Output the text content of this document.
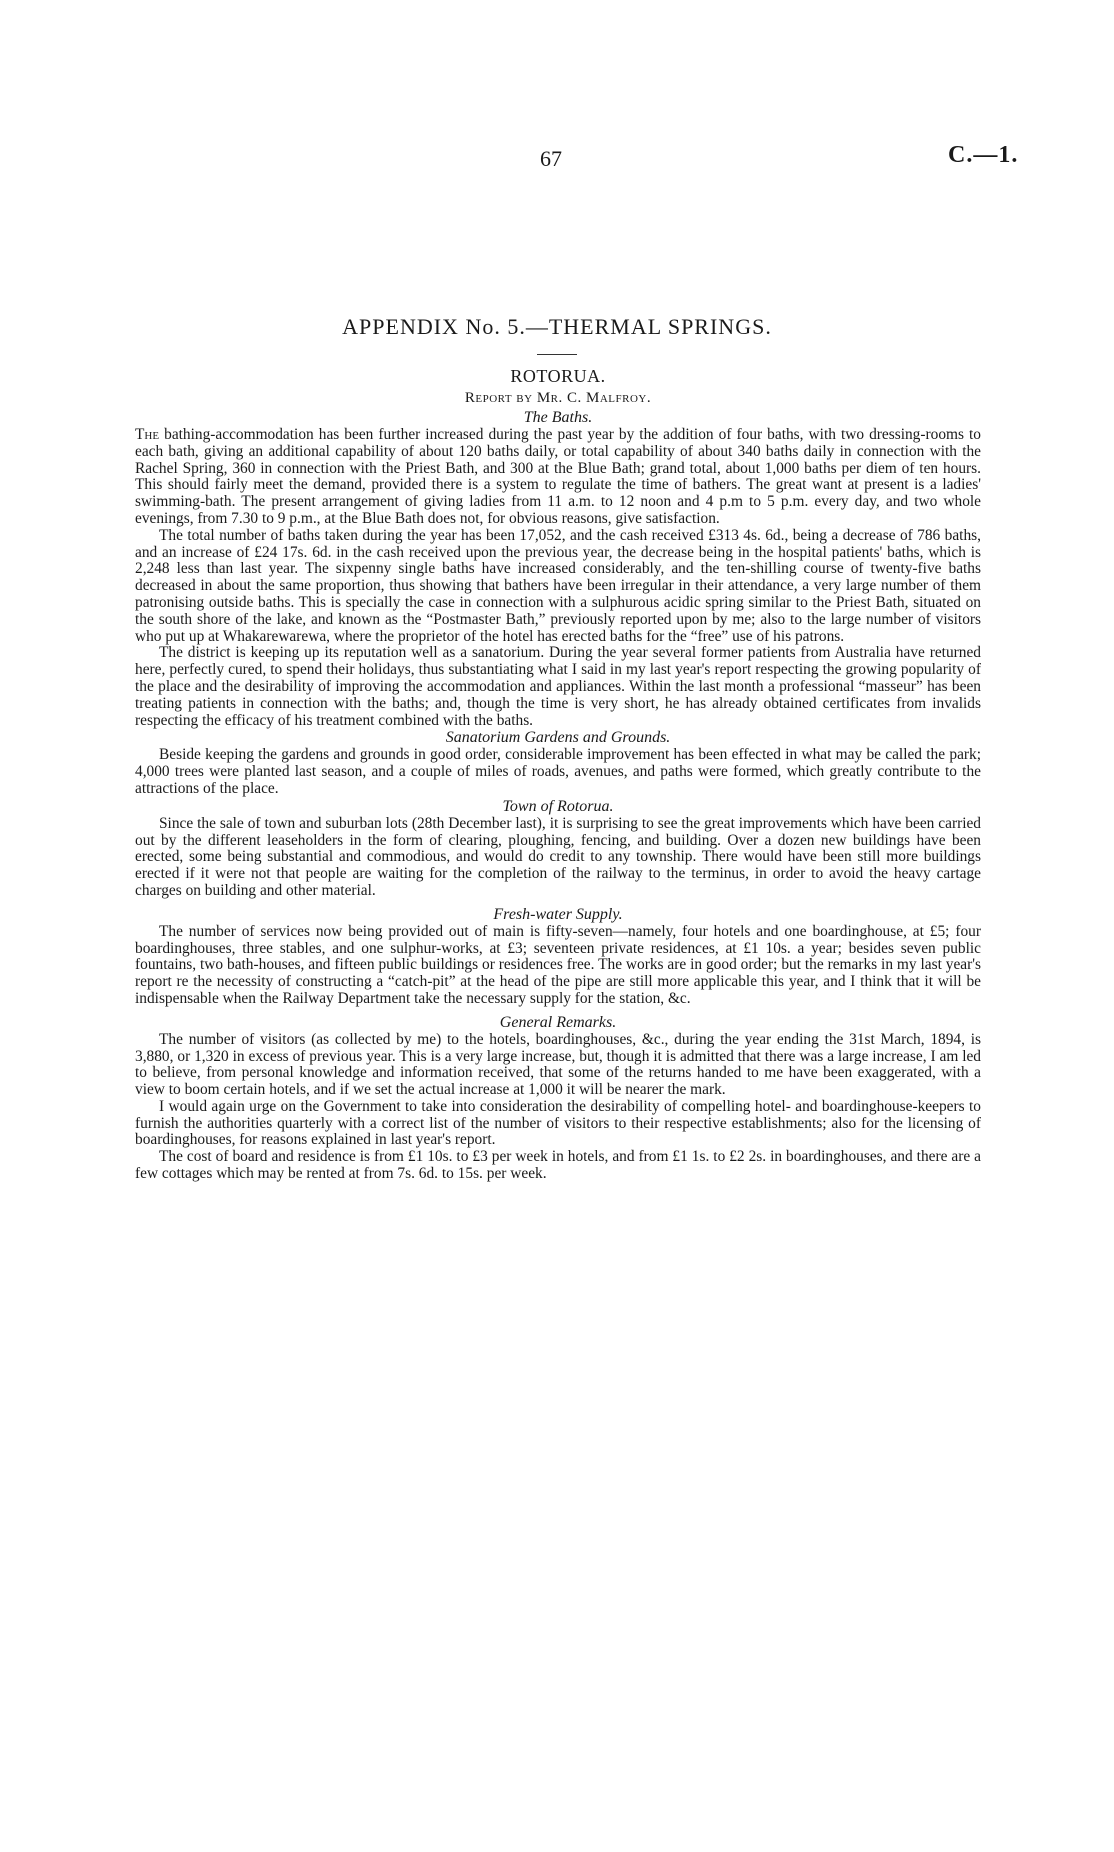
67	C.—1.
APPENDIX No. 5.—THERMAL SPRINGS.
ROTORUA.
Report by Mr. C. Malfroy.
The Baths.

The bathing-accommodation has been further increased during the past year by the addition of four baths, with two dressing-rooms to each bath, giving an additional capability of about 120 baths daily, or total capability of about 340 baths daily in connection with the Rachel Spring, 360 in connection with the Priest Bath, and 300 at the Blue Bath; grand total, about 1,000 baths per diem of ten hours. This should fairly meet the demand, provided there is a system to regulate the time of bathers. The great want at present is a ladies' swimming-bath. The present arrangement of giving ladies from 11 a.m. to 12 noon and 4 p.m to 5 p.m. every day, and two whole evenings, from 7.30 to 9 p.m., at the Blue Bath does not, for obvious reasons, give satisfaction.

The total number of baths taken during the year has been 17,052, and the cash received £313 4s. 6d., being a decrease of 786 baths, and an increase of £24 17s. 6d. in the cash received upon the previous year, the decrease being in the hospital patients' baths, which is 2,248 less than last year. The sixpenny single baths have increased considerably, and the ten-shilling course of twenty-five baths decreased in about the same proportion, thus showing that bathers have been irregular in their attendance, a very large number of them patronising outside baths. This is specially the case in connection with a sulphurous acidic spring similar to the Priest Bath, situated on the south shore of the lake, and known as the “Postmaster Bath,” previously reported upon by me; also to the large number of visitors who put up at Whakarewarewa, where the proprietor of the hotel has erected baths for the “free” use of his patrons.

The district is keeping up its reputation well as a sanatorium. During the year several former patients from Australia have returned here, perfectly cured, to spend their holidays, thus substantiating what I said in my last year's report respecting the growing popularity of the place and the desirability of improving the accommodation and appliances. Within the last month a professional “masseur” has been treating patients in connection with the baths; and, though the time is very short, he has already obtained certificates from invalids respecting the efficacy of his treatment combined with the baths.

Sanatorium Gardens and Grounds.

Beside keeping the gardens and grounds in good order, considerable improvement has been effected in what may be called the park; 4,000 trees were planted last season, and a couple of miles of roads, avenues, and paths were formed, which greatly contribute to the attractions of the place.

Town of Rotorua.

Since the sale of town and suburban lots (28th December last), it is surprising to see the great improvements which have been carried out by the different leaseholders in the form of clearing, ploughing, fencing, and building. Over a dozen new buildings have been erected, some being substantial and commodious, and would do credit to any township. There would have been still more buildings erected if it were not that people are waiting for the completion of the railway to the terminus, in order to avoid the heavy cartage charges on building and other material.

Fresh-water Supply.

The number of services now being provided out of main is fifty-seven—namely, four hotels and one boardinghouse, at £5; four boardinghouses, three stables, and one sulphur-works, at £3; seventeen private residences, at £1 10s. a year; besides seven public fountains, two bath-houses, and fifteen public buildings or residences free. The works are in good order; but the remarks in my last year's report re the necessity of constructing a “catch-pit” at the head of the pipe are still more applicable this year, and I think that it will be indispensable when the Railway Department take the necessary supply for the station, &c.

General Remarks.

The number of visitors (as collected by me) to the hotels, boardinghouses, &c., during the year ending the 31st March, 1894, is 3,880, or 1,320 in excess of previous year. This is a very large increase, but, though it is admitted that there was a large increase, I am led to believe, from personal knowledge and information received, that some of the returns handed to me have been exaggerated, with a view to boom certain hotels, and if we set the actual increase at 1,000 it will be nearer the mark.

I would again urge on the Government to take into consideration the desirability of compelling hotel- and boardinghouse-keepers to furnish the authorities quarterly with a correct list of the number of visitors to their respective establishments; also for the licensing of boardinghouses, for reasons explained in last year's report.

The cost of board and residence is from £1 10s. to £3 per week in hotels, and from £1 1s. to £2 2s. in boardinghouses, and there are a few cottages which may be rented at from 7s. 6d. to 15s. per week.
